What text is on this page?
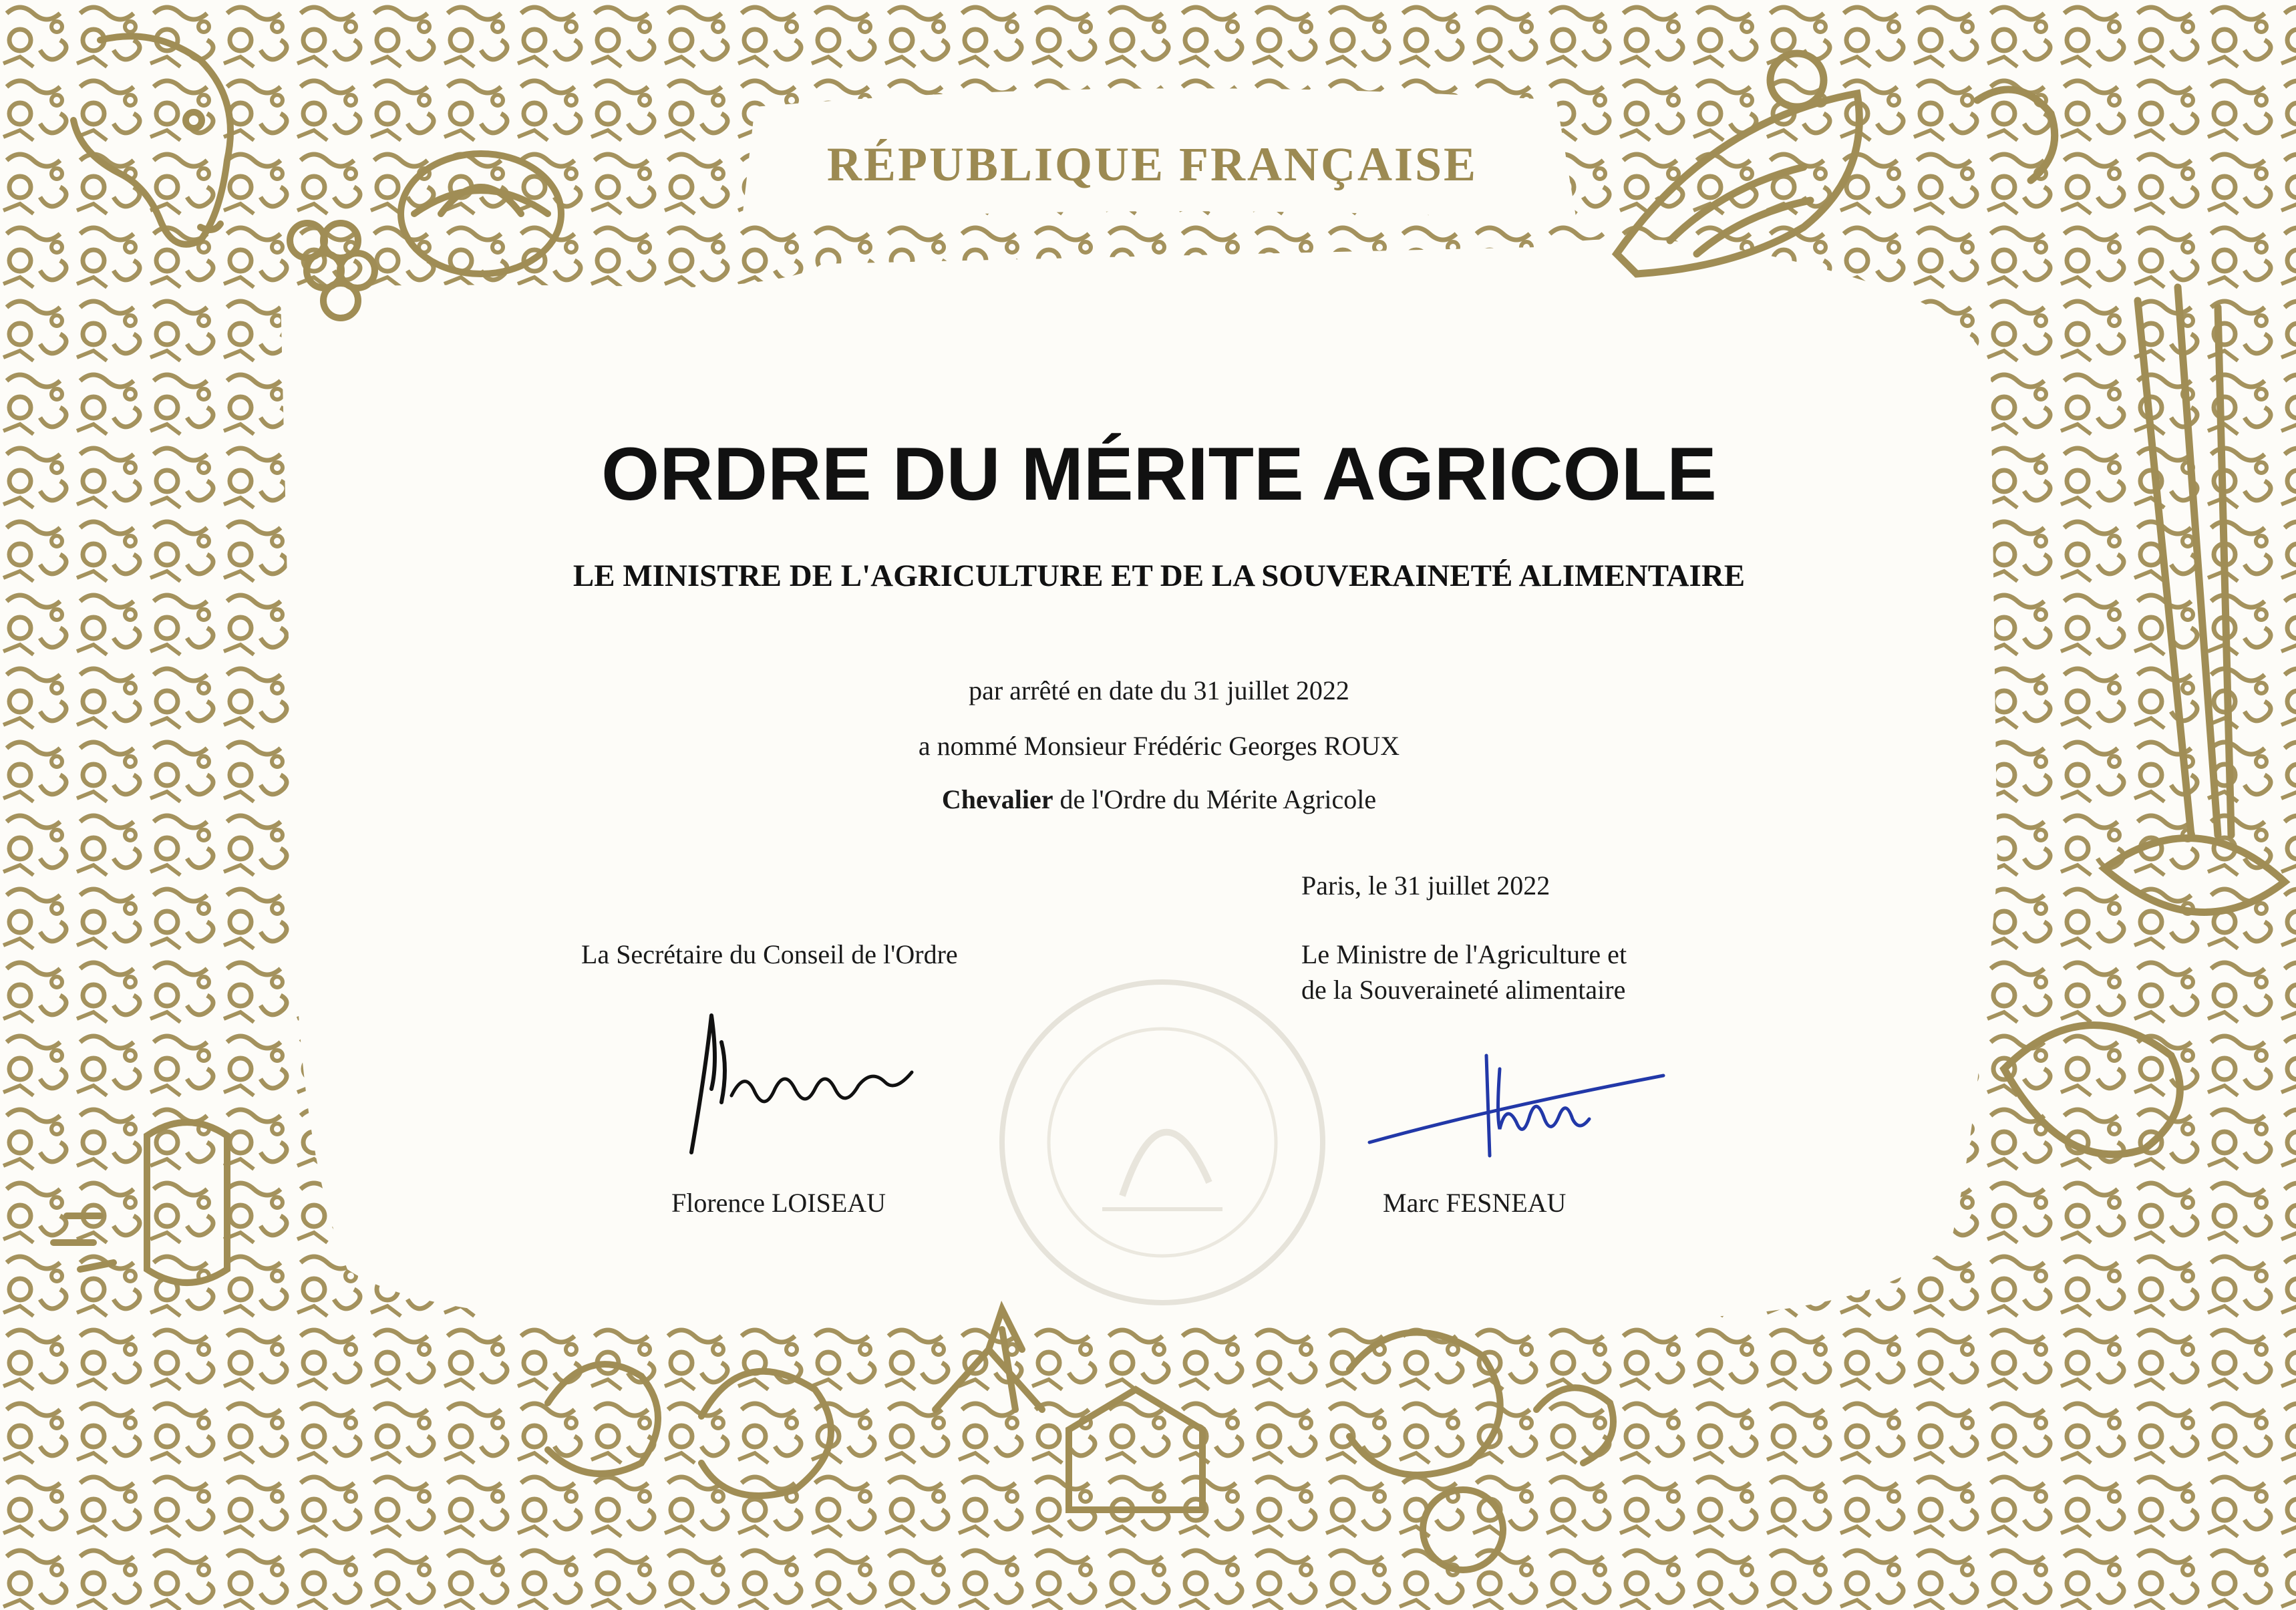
RÉPUBLIQUE FRANÇAISE
ORDRE DU MÉRITE AGRICOLE

LE MINISTRE DE L'AGRICULTURE ET DE LA SOUVERAINETÉ ALIMENTAIRE

par arrêté en date du 31 juillet 2022

a nommé Monsieur Frédéric Georges ROUX

Chevalier de l'Ordre du Mérite Agricole

Paris, le 31 juillet 2022

La Secrétaire du Conseil de l'Ordre	Le Ministre de l'Agriculture et

de la Souveraineté alimentaire

Florence LOISEAU	Marc FESNEAU
